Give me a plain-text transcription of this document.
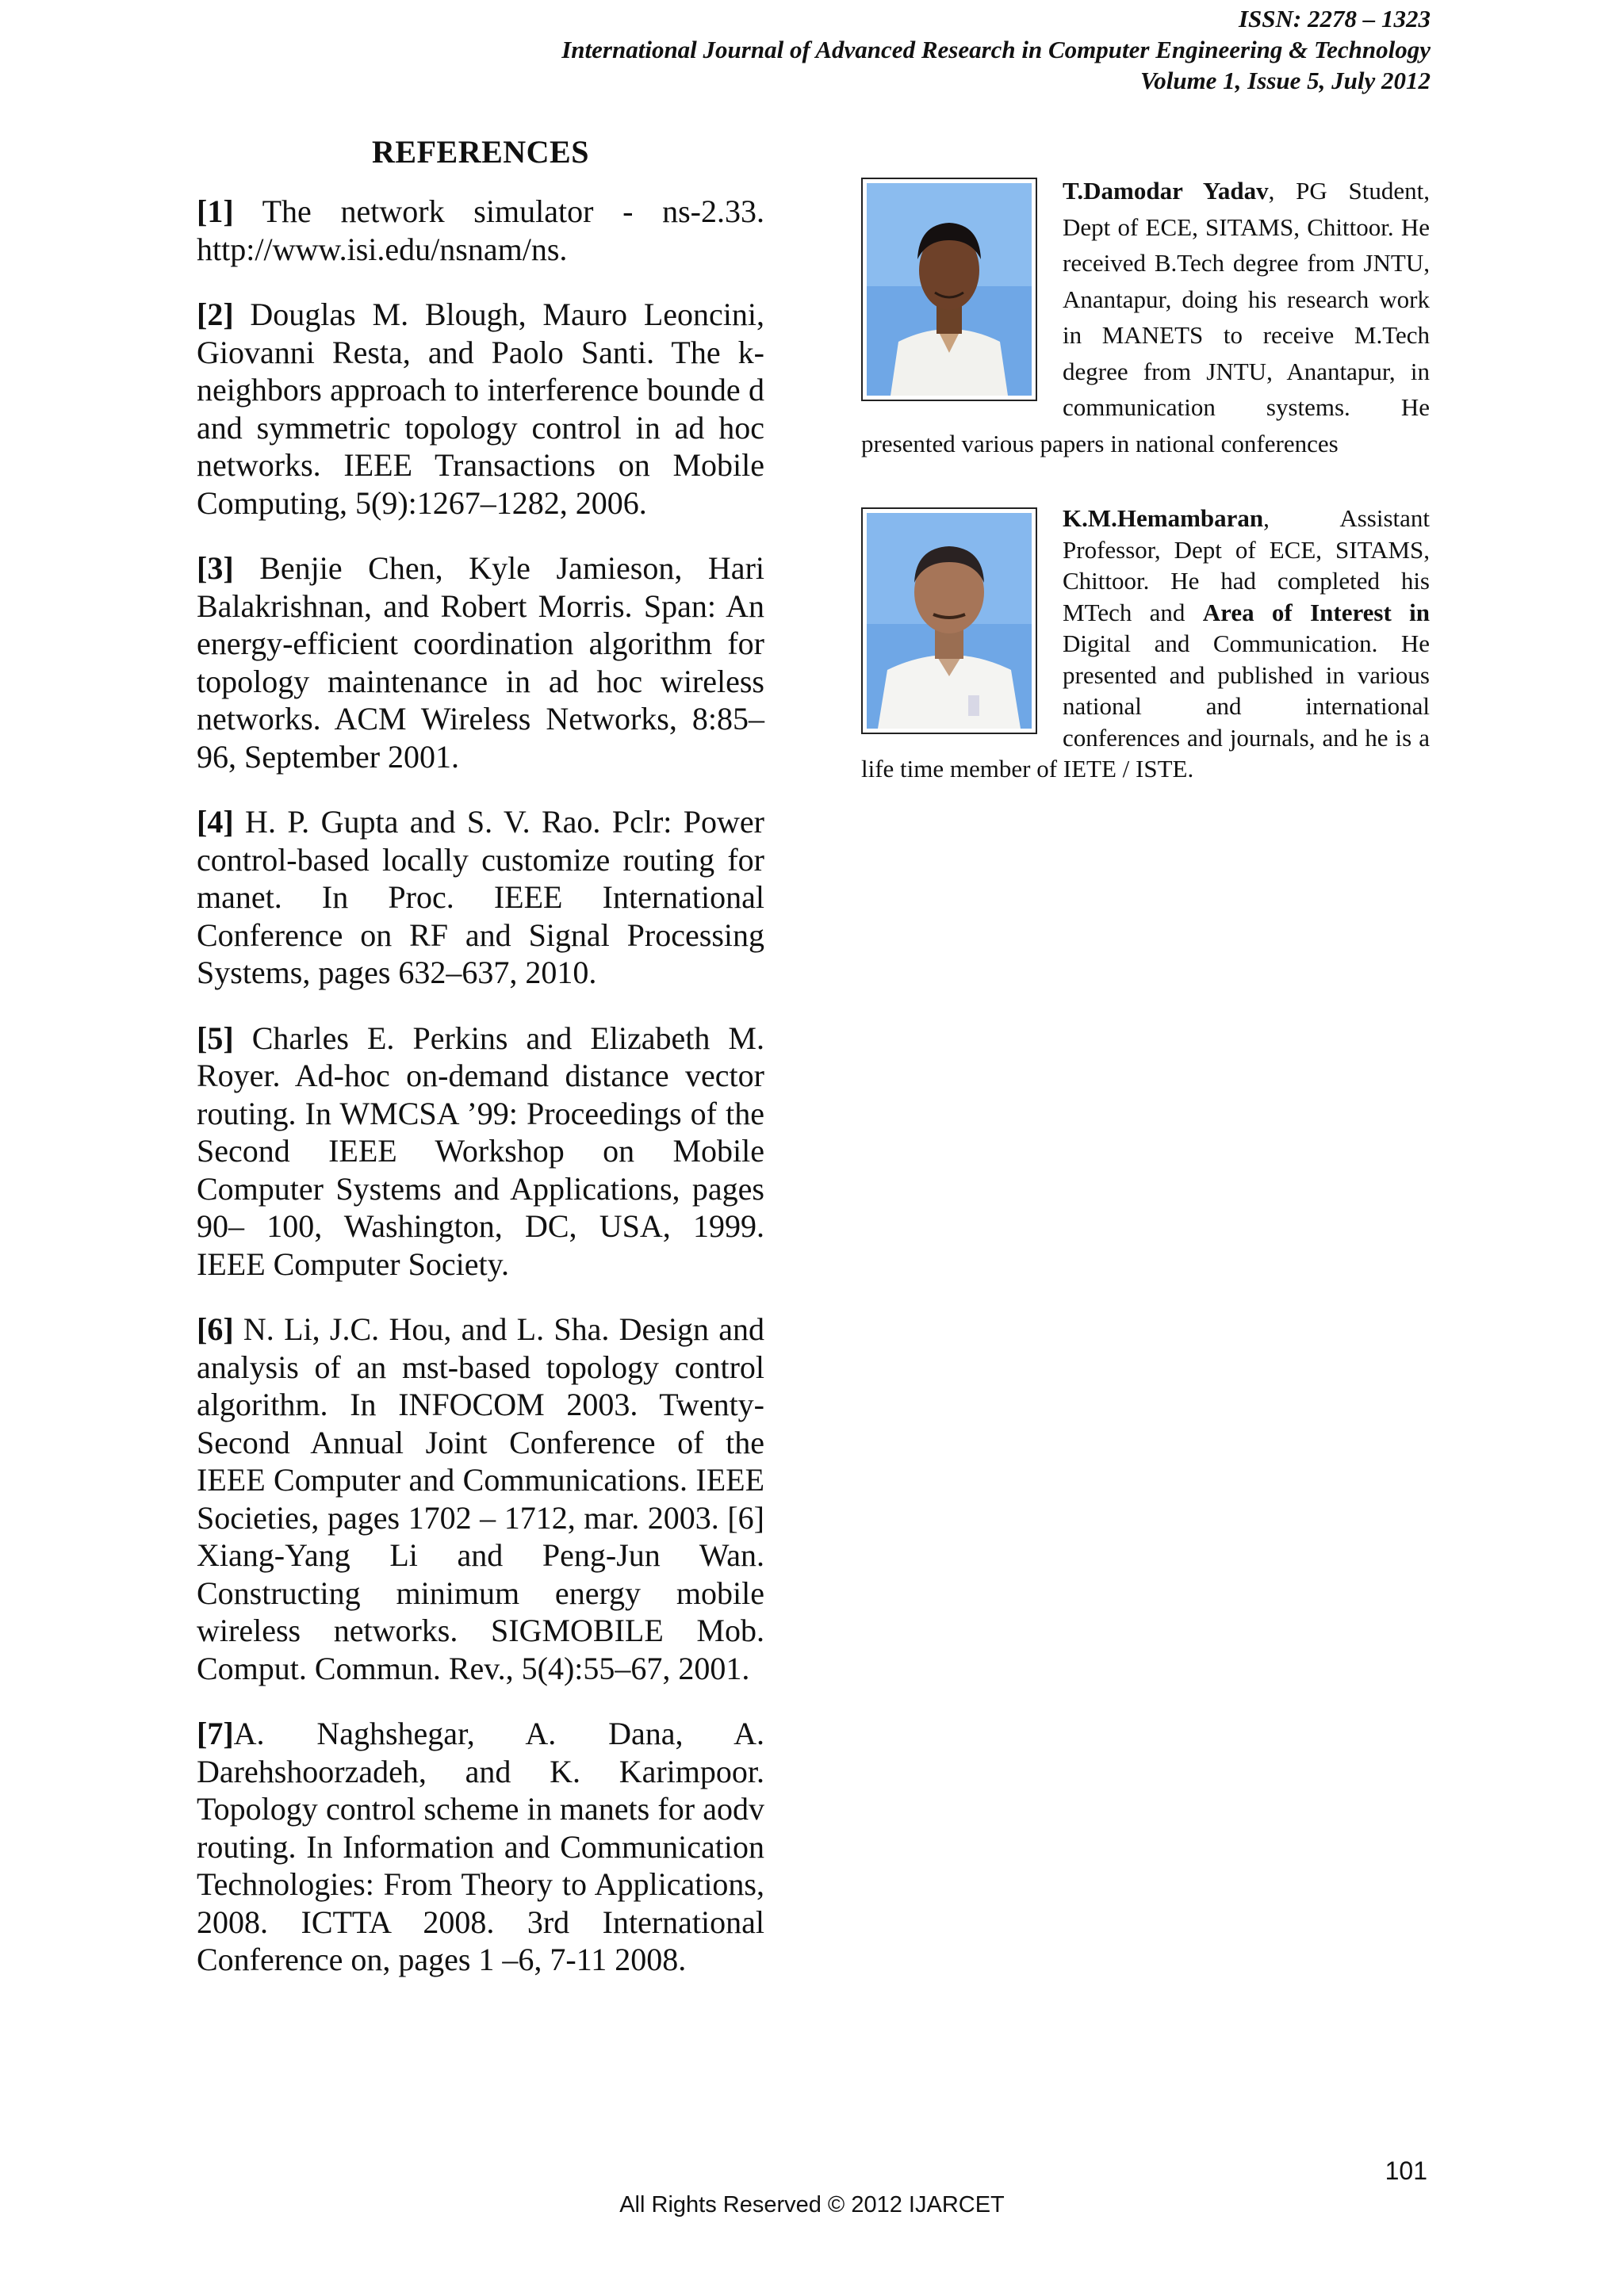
ISSN: 2278 – 1323
International Journal of Advanced Research in Computer Engineering & Technology
Volume 1, Issue 5, July 2012
REFERENCES

[1] The network simulator - ns-2.33. http://www.isi.edu/nsnam/ns.

[2] Douglas M. Blough, Mauro Leoncini, Giovanni Resta, and Paolo Santi. The k-neighbors approach to interference bounde d and symmetric topology control in ad hoc networks. IEEE Transactions on Mobile Computing, 5(9):1267–1282, 2006.

[3] Benjie Chen, Kyle Jamieson, Hari Balakrishnan, and Robert Morris. Span: An energy-efficient coordination algorithm for topology maintenance in ad hoc wireless networks. ACM Wireless Networks, 8:85–96, September 2001.

[4] H. P. Gupta and S. V. Rao. Pclr: Power control-based locally customize routing for manet. In Proc. IEEE International Conference on RF and Signal Processing Systems, pages 632–637, 2010.

[5] Charles E. Perkins and Elizabeth M. Royer. Ad-hoc on-demand distance vector routing. In WMCSA ’99: Proceedings of the Second IEEE Workshop on Mobile Computer Systems and Applications, pages 90– 100, Washington, DC, USA, 1999. IEEE Computer Society.

[6] N. Li, J.C. Hou, and L. Sha. Design and analysis of an mst-based topology control algorithm. In INFOCOM 2003. Twenty-Second Annual Joint Conference of the IEEE Computer and Communications. IEEE Societies, pages 1702 – 1712, mar. 2003. [6] Xiang-Yang Li and Peng-Jun Wan. Constructing minimum energy mobile wireless networks. SIGMOBILE Mob. Comput. Commun. Rev., 5(4):55–67, 2001.

[7]A. Naghshegar, A. Dana, A. Darehshoorzadeh, and K. Karimpoor. Topology control scheme in manets for aodv routing. In Information and Communication Technologies: From Theory to Applications, 2008. ICTTA 2008. 3rd International Conference on, pages 1 –6, 7-11 2008.

T.Damodar Yadav, PG Student, Dept of ECE, SITAMS, Chittoor. He received B.Tech degree from JNTU, Anantapur, doing his research work in MANETS to receive M.Tech degree from JNTU, Anantapur, in communication systems. He presented various papers in national conferences
K.M.Hemambaran, Assistant Professor, Dept of ECE, SITAMS, Chittoor. He had completed his MTech and Area of Interest in Digital and Communication. He presented and published in various national and international conferences and journals, and he is a life time member of IETE / ISTE.
101
All Rights Reserved © 2012 IJARCET
